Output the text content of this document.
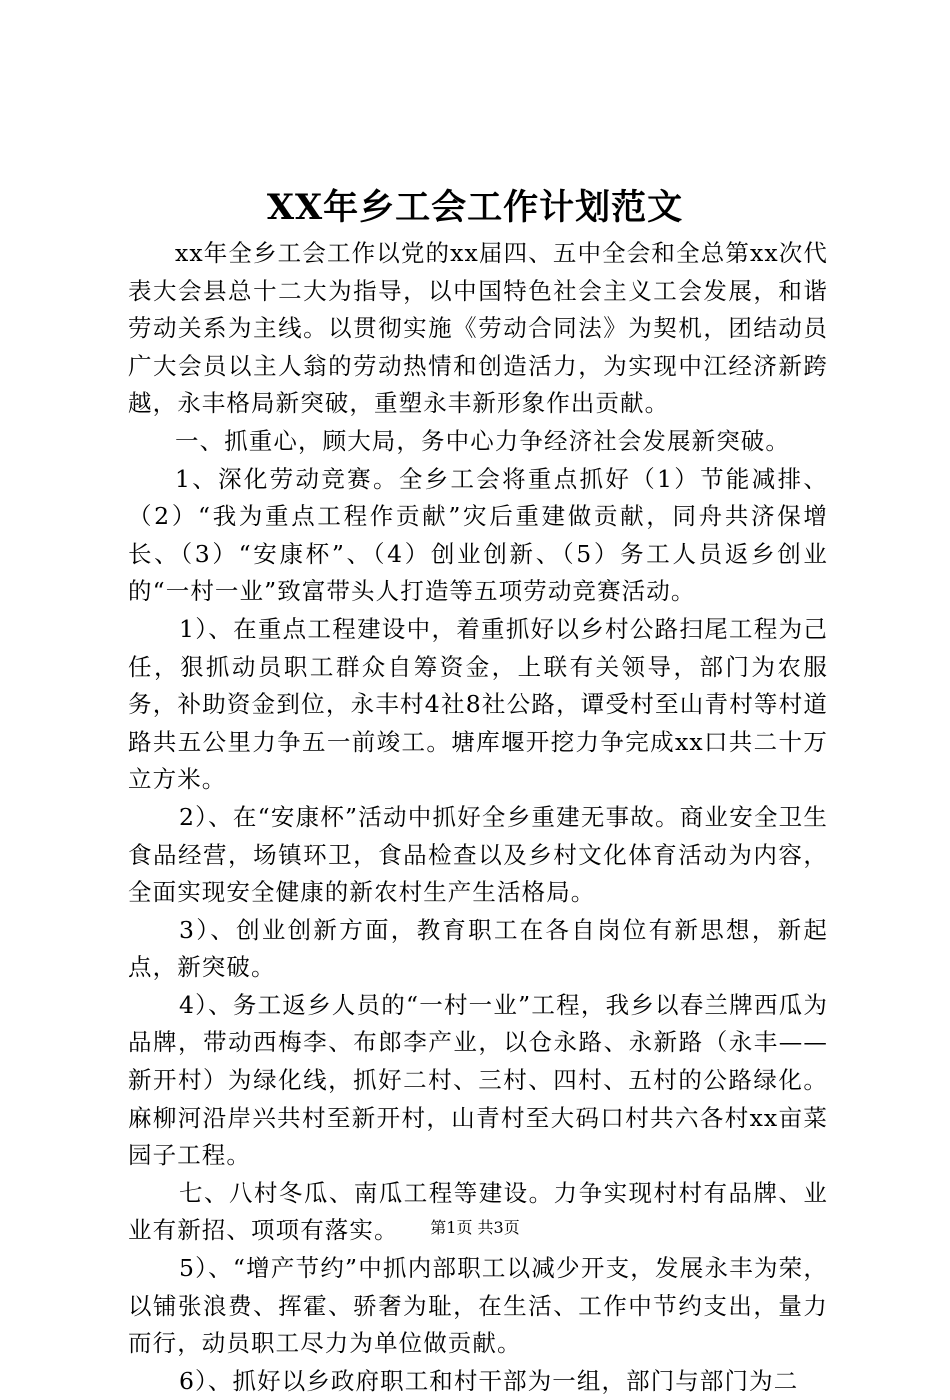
XX年乡工会工作计划范文

xx年全乡工会工作以党的xx届四、五中全会和全总第xx次代表大会县总十二大为指导，以中国特色社会主义工会发展，和谐劳动关系为主线。以贯彻实施《劳动合同法》为契机，团结动员广大会员以主人翁的劳动热情和创造活力，为实现中江经济新跨越，永丰格局新突破，重塑永丰新形象作出贡献。

一、抓重心，顾大局，务中心力争经济社会发展新突破。

1、深化劳动竞赛。全乡工会将重点抓好（1）节能减排、（2）“我为重点工程作贡献”灾后重建做贡献，同舟共济保增长、（3）“安康杯”、（4）创业创新、（5）务工人员返乡创业的“一村一业”致富带头人打造等五项劳动竞赛活动。

1）、在重点工程建设中，着重抓好以乡村公路扫尾工程为己任，狠抓动员职工群众自筹资金，上联有关领导，部门为农服务，补助资金到位，永丰村4社8社公路，谭受村至山青村等村道路共五公里力争五一前竣工。塘库堰开挖力争完成xx口共二十万立方米。

2）、在“安康杯”活动中抓好全乡重建无事故。商业安全卫生食品经营，场镇环卫，食品检查以及乡村文化体育活动为内容，全面实现安全健康的新农村生产生活格局。

3）、创业创新方面，教育职工在各自岗位有新思想，新起点，新突破。

4）、务工返乡人员的“一村一业”工程，我乡以春兰牌西瓜为品牌，带动西梅李、布郎李产业，以仓永路、永新路（永丰——新开村）为绿化线，抓好二村、三村、四村、五村的公路绿化。麻柳河沿岸兴共村至新开村，山青村至大码口村共六各村xx亩菜园子工程。

七、八村冬瓜、南瓜工程等建设。力争实现村村有品牌、业业有新招、项项有落实。

5）、“增产节约”中抓内部职工以减少开支，发展永丰为荣，以铺张浪费、挥霍、骄奢为耻，在生活、工作中节约支出，量力而行，动员职工尽力为单位做贡献。

6）、抓好以乡政府职工和村干部为一组，部门与部门为二

第1页 共3页
